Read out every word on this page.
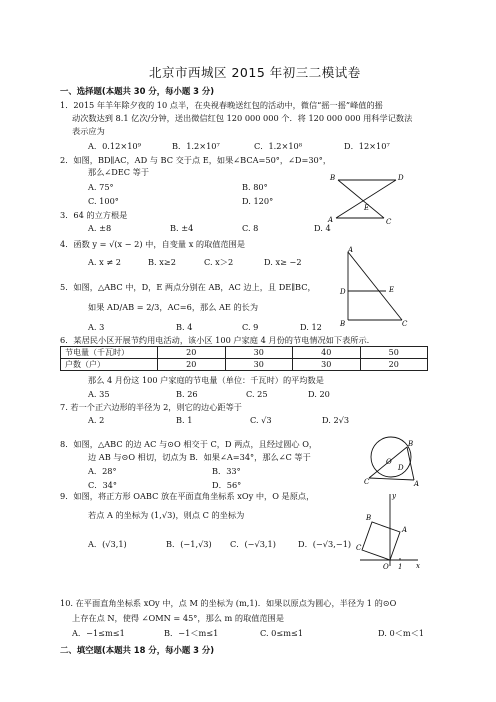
北京市西城区 2015 年初三二模试卷
一、选择题(本题共 30 分，每小题 3 分)
1．2015 年羊年除夕夜的 10 点半，在央视春晚送红包的活动中，微信“摇一摇”峰值的摇
动次数达到 8.1 亿次/分钟，送出微信红包 120 000 000 个．将 120 000 000 用科学记数法
表示应为
A．0.12×10⁹	B．1.2×10⁷	C．1.2×10⁸	D．12×10⁷
2．如图，BD∥AC，AD 与 BC 交于点 E，如果∠BCA=50°，∠D=30°，
那么∠DEC 等于
A. 75°	B. 80°
C. 100°	D. 120°
B	D
E
A	C
3．64 的立方根是
A. ±8	B. ±4	C. 8	D. 4
4．函数 y = √(x − 2) 中，自变量 x 的取值范围是
A. x ≠ 2	B. x≥2	C. x＞2	D. x≥ −2
A
D	E
B	C
5．如图，△ABC 中，D，E 两点分别在 AB，AC 边上，且 DE∥BC，
如果 AD/AB = 2/3，AC=6，那么 AE 的长为
A. 3	B. 4	C. 9	D. 12
6．某居民小区开展节约用电活动，该小区 100 户家庭 4 月份的节电情况如下表所示.
节电量（千瓦时）	20	30	40	50
户数（户）	20	30	30	20
那么 4 月份这 100 户家庭的节电量（单位：千瓦时）的平均数是
A. 35	B. 26	C. 25	D. 20
7. 若一个正六边形的半径为 2，则它的边心距等于
A. 2	B. 1	C. √3	D. 2√3
8．如图，△ABC 的边 AC 与⊙O 相交于 C，D 两点，且经过圆心 O，
边 AB 与⊙O 相切，切点为 B．如果∠A=34°，那么∠C 等于
A．28°	B．33°
C．34°	D．56°
B
A
D
O
C
9．如图，将正方形 OABC 放在平面直角坐标系 xOy 中，O 是原点，
若点 A 的坐标为 (1,√3)，则点 C 的坐标为
A．(√3,1)	B．(−1,√3) C．(−√3,1)	D．(−√3,−1)
y
B
A
C
O 1 x
10. 在平面直角坐标系 xOy 中，点 M 的坐标为 (m,1)．如果以原点为圆心，半径为 1 的⊙O
上存在点 N，使得 ∠OMN = 45°，那么 m 的取值范围是
A．−1≤m≤1	B．−1＜m≤1	C. 0≤m≤1	D. 0＜m＜1
二、填空题(本题共 18 分，每小题 3 分)
